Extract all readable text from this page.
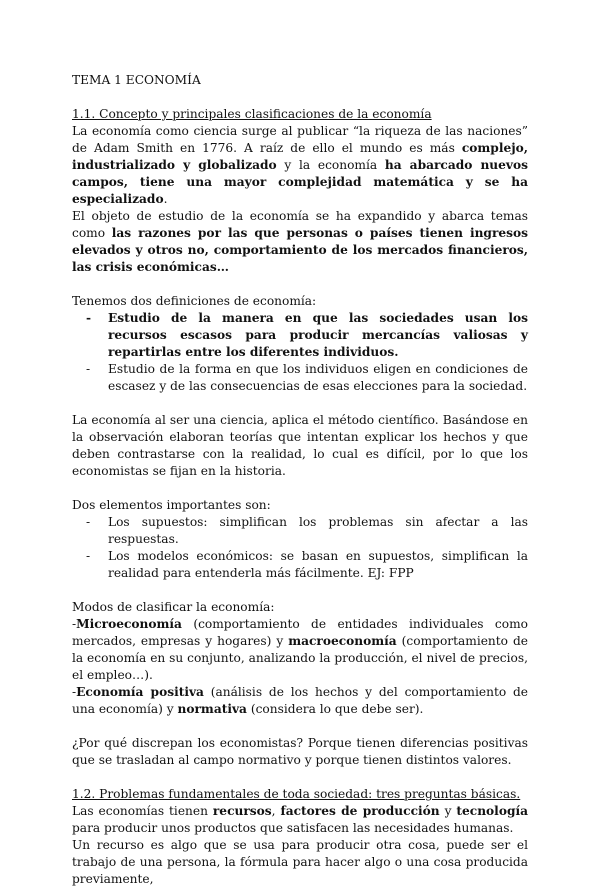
TEMA 1 ECONOMÍA

1.1. Concepto y principales clasificaciones de la economía

La economía como ciencia surge al publicar “la riqueza de las naciones” de Adam Smith en 1776. A raíz de ello el mundo es más complejo, industrializado y globalizado y la economía ha abarcado nuevos campos, tiene una mayor complejidad matemática y se ha especializado.

El objeto de estudio de la economía se ha expandido y abarca temas como las razones por las que personas o países tienen ingresos elevados y otros no, comportamiento de los mercados financieros, las crisis económicas…

Tenemos dos definiciones de economía:

- Estudio de la manera en que las sociedades usan los recursos escasos para producir mercancías valiosas y repartirlas entre los diferentes individuos.
- Estudio de la forma en que los individuos eligen en condiciones de escasez y de las consecuencias de esas elecciones para la sociedad.

La economía al ser una ciencia, aplica el método científico. Basándose en la observación elaboran teorías que intentan explicar los hechos y que deben contrastarse con la realidad, lo cual es difícil, por lo que los economistas se fijan en la historia.

Dos elementos importantes son:

- Los supuestos: simplifican los problemas sin afectar a las respuestas.
- Los modelos económicos: se basan en supuestos, simplifican la realidad para entenderla más fácilmente. EJ: FPP

Modos de clasificar la economía:

-Microeconomía (comportamiento de entidades individuales como mercados, empresas y hogares) y macroeconomía (comportamiento de la economía en su conjunto, analizando la producción, el nivel de precios, el empleo…).

-Economía positiva (análisis de los hechos y del comportamiento de una economía) y normativa (considera lo que debe ser).

¿Por qué discrepan los economistas? Porque tienen diferencias positivas que se trasladan al campo normativo y porque tienen distintos valores.

1.2. Problemas fundamentales de toda sociedad: tres preguntas básicas.

Las economías tienen recursos, factores de producción y tecnología para producir unos productos que satisfacen las necesidades humanas.

Un recurso es algo que se usa para producir otra cosa, puede ser el trabajo de una persona, la fórmula para hacer algo o una cosa producida previamente,
